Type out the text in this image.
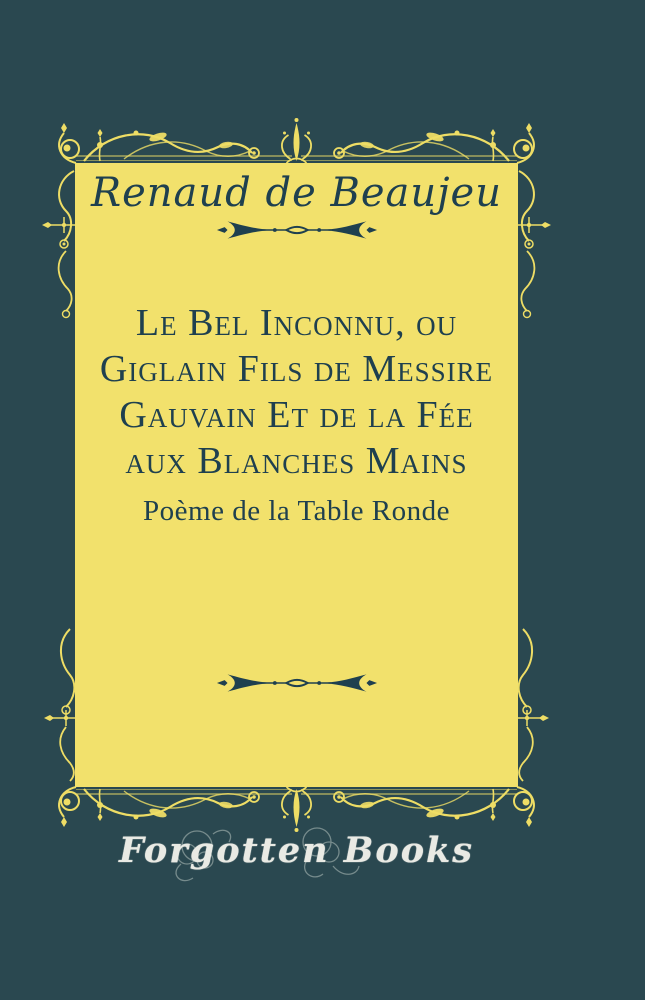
Renaud de Beaujeu
Le Bel Inconnu, ou
Giglain Fils de Messire
Gauvain Et de la Fée
aux Blanches Mains
Poème de la Table Ronde
Forgotten Books
